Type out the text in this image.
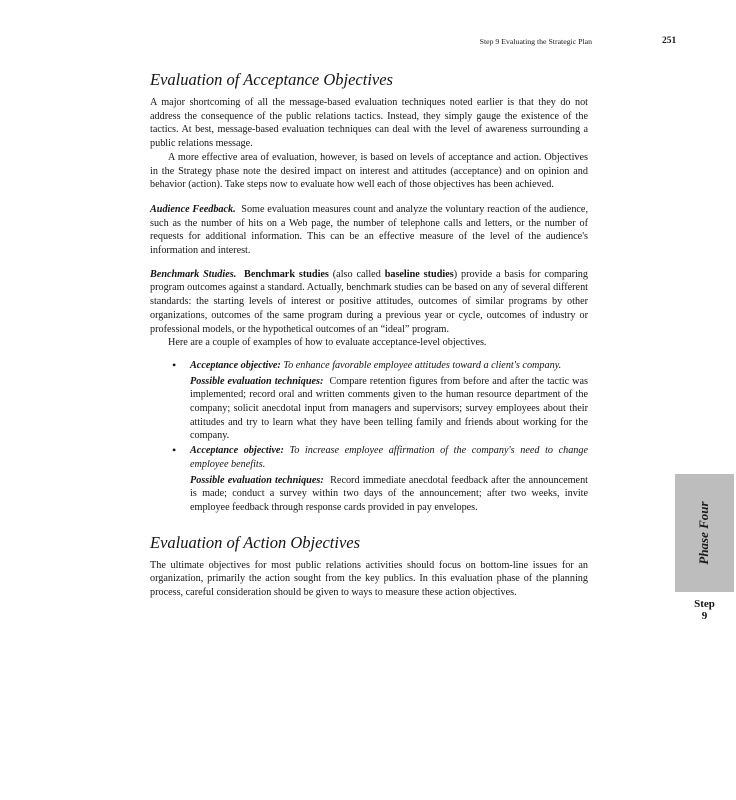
Step 9 Evaluating the Strategic Plan	251
Evaluation of Acceptance Objectives

A major shortcoming of all the message-based evaluation techniques noted earlier is that they do not address the consequence of the public relations tactics. Instead, they simply gauge the existence of the tactics. At best, message-based evaluation techniques can deal with the level of awareness surrounding a public relations message.

A more effective area of evaluation, however, is based on levels of acceptance and action. Objectives in the Strategy phase note the desired impact on interest and attitudes (acceptance) and on opinion and behavior (action). Take steps now to evaluate how well each of those objectives has been achieved.

Audience Feedback. Some evaluation measures count and analyze the voluntary reaction of the audience, such as the number of hits on a Web page, the number of telephone calls and letters, or the number of requests for additional information. This can be an effective measure of the level of the audience's information and interest.

Benchmark Studies. Benchmark studies (also called baseline studies) provide a basis for comparing program outcomes against a standard. Actually, benchmark studies can be based on any of several different standards: the starting levels of interest or positive attitudes, outcomes of similar programs by other organizations, outcomes of the same program during a previous year or cycle, outcomes of industry or professional models, or the hypothetical outcomes of an “ideal” program.

Here are a couple of examples of how to evaluate acceptance-level objectives.

• Acceptance objective: To enhance favorable employee attitudes toward a client's company.
Possible evaluation techniques: Compare retention figures from before and after the tactic was implemented; record oral and written comments given to the human resource department of the company; solicit anecdotal input from managers and supervisors; survey employees about their attitudes and try to learn what they have been telling family and friends about working for the company.
• Acceptance objective: To increase employee affirmation of the company's need to change employee benefits.
Possible evaluation techniques: Record immediate anecdotal feedback after the announcement is made; conduct a survey within two days of the announcement; after two weeks, invite employee feedback through response cards provided in pay envelopes.
Evaluation of Action Objectives

The ultimate objectives for most public relations activities should focus on bottom-line issues for an organization, primarily the action sought from the key publics. In this evaluation phase of the planning process, careful consideration should be given to ways to measure these action objectives.

Phase Four
Step
9
